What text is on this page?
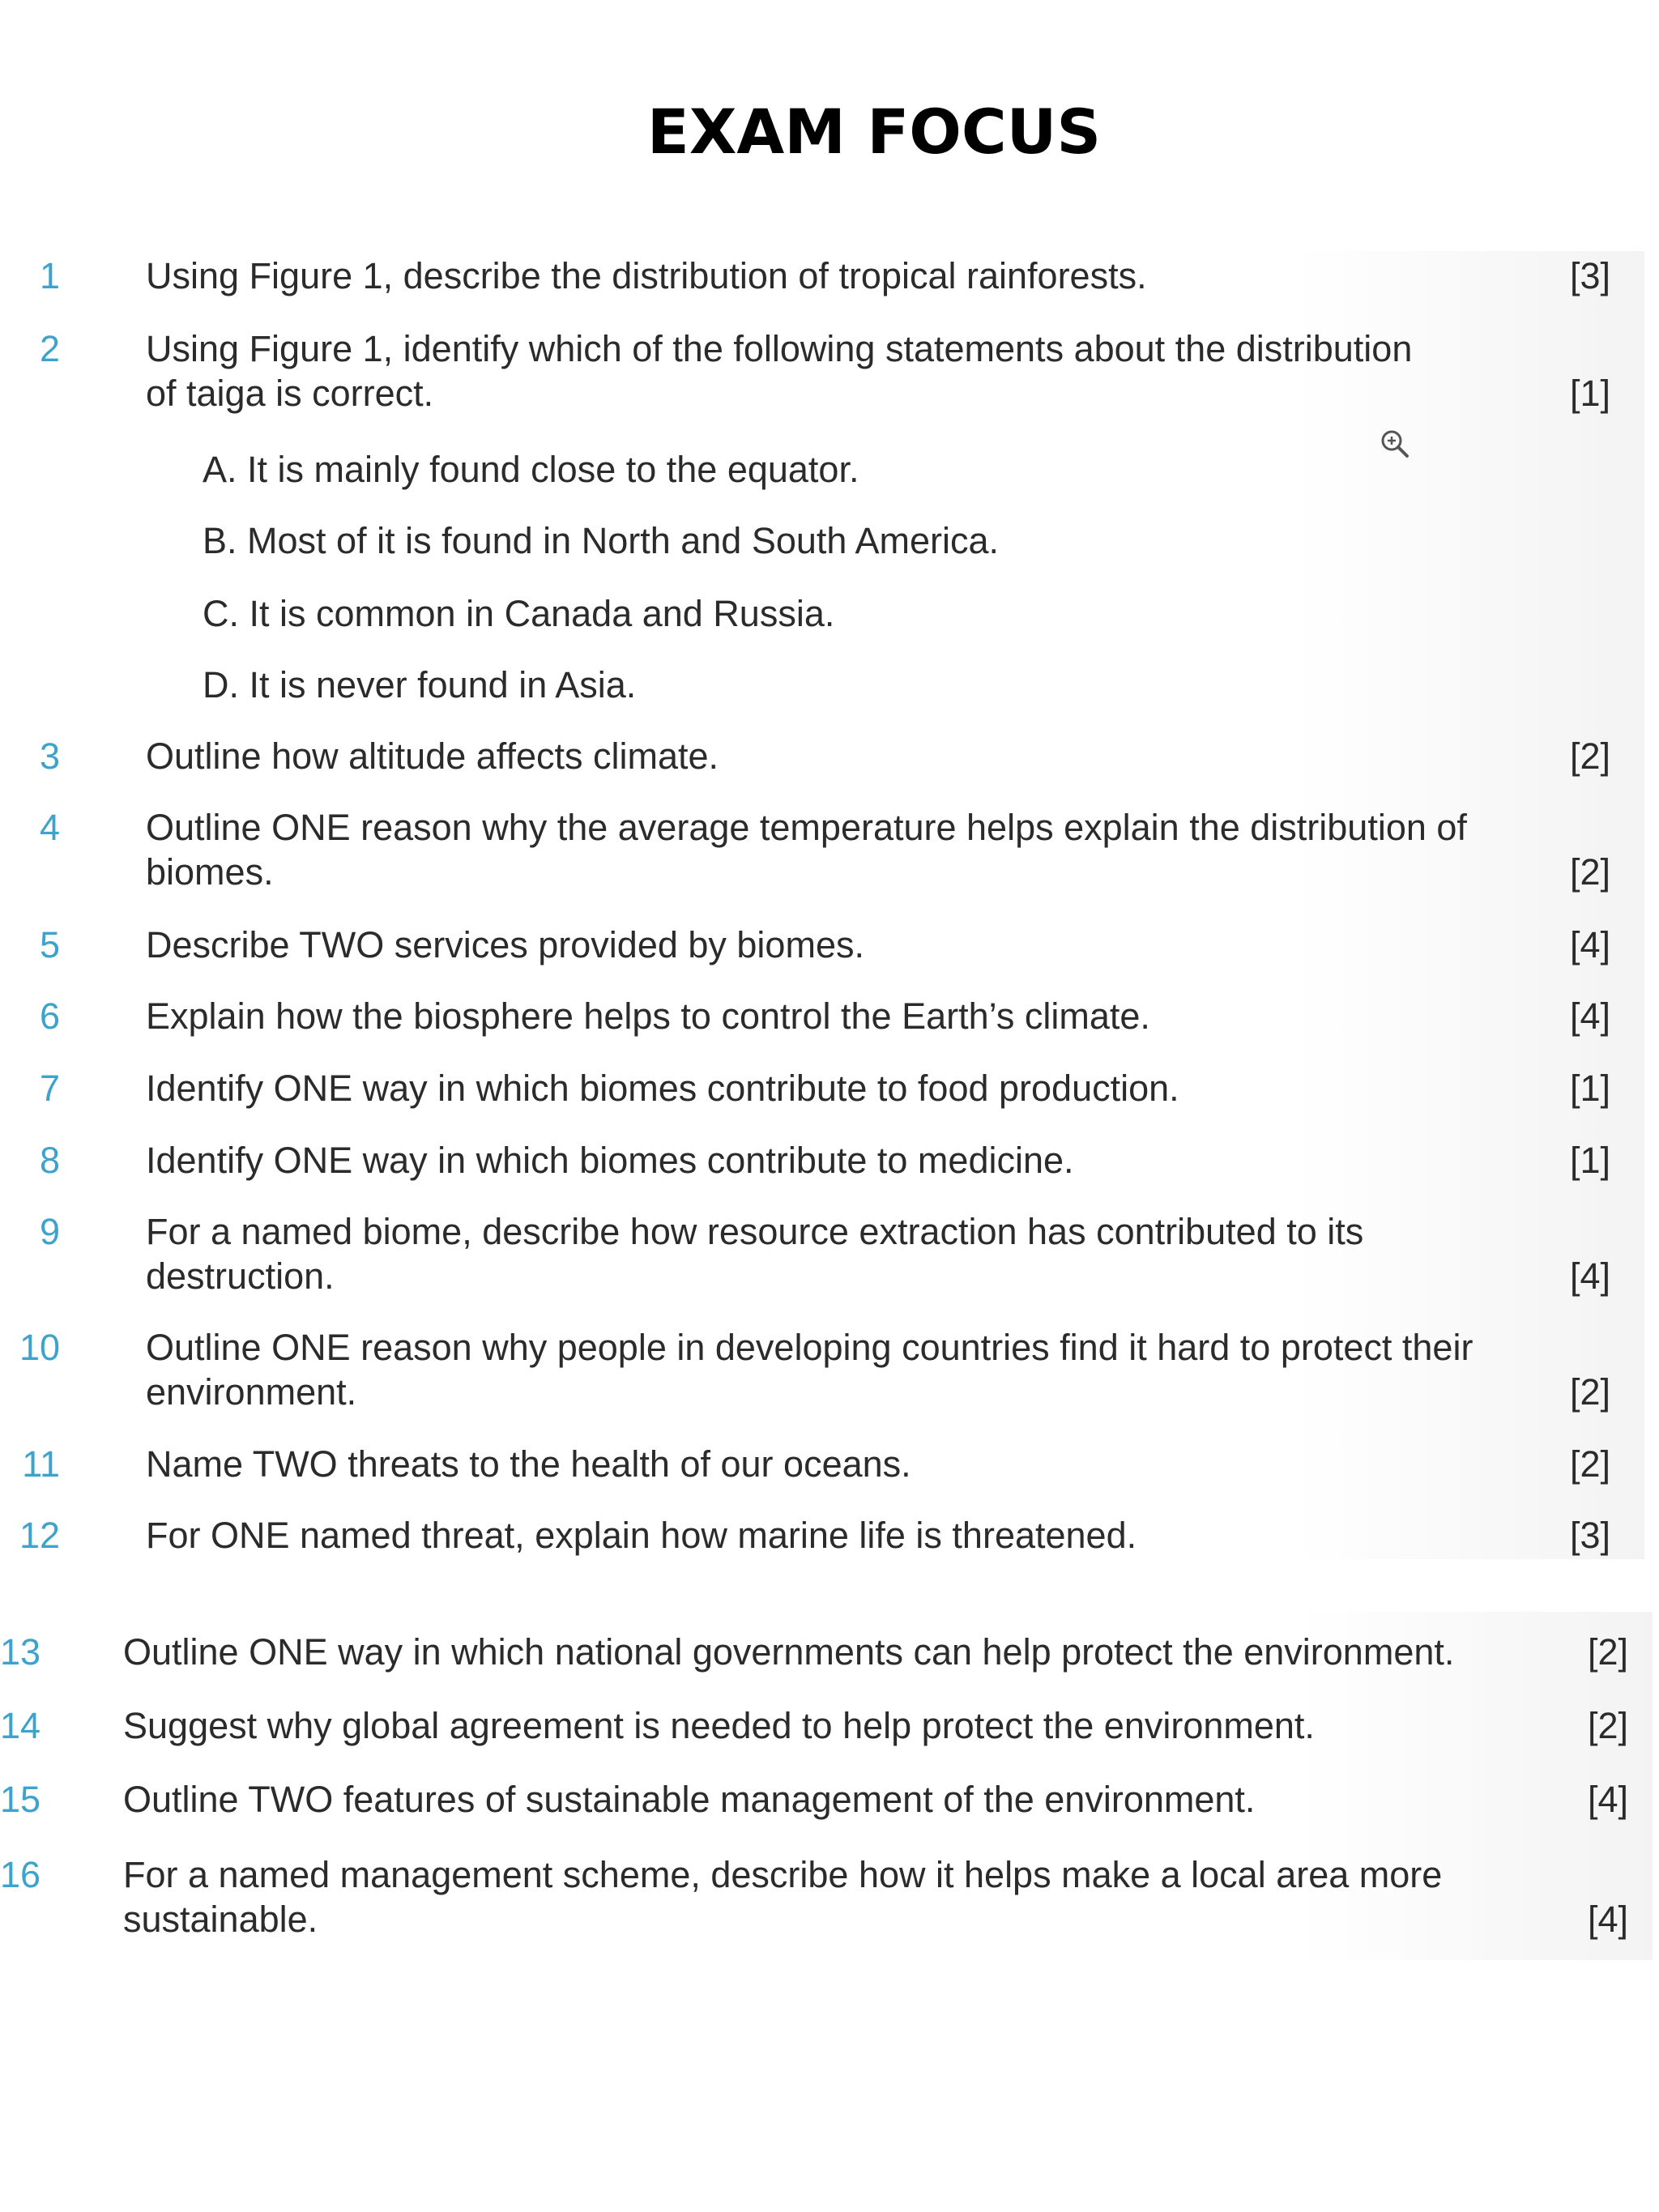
EXAM FOCUS
1 Using Figure 1, describe the distribution of tropical rainforests.	[3]
2 Using Figure 1, identify which of the following statements about the distribution
of taiga is correct.	[1]
A. It is mainly found close to the equator.
B. Most of it is found in North and South America.
C. It is common in Canada and Russia.
D. It is never found in Asia.
3 Outline how altitude affects climate.	[2]
4 Outline ONE reason why the average temperature helps explain the distribution of
biomes.	[2]
5 Describe TWO services provided by biomes.	[4]
6 Explain how the biosphere helps to control the Earth’s climate.	[4]
7 Identify ONE way in which biomes contribute to food production.	[1]
8 Identify ONE way in which biomes contribute to medicine.	[1]
9 For a named biome, describe how resource extraction has contributed to its
destruction.	[4]
10 Outline ONE reason why people in developing countries find it hard to protect their
environment.	[2]
11 Name TWO threats to the health of our oceans.	[2]
12 For ONE named threat, explain how marine life is threatened.	[3]
13 Outline ONE way in which national governments can help protect the environment.	[2]
14 Suggest why global agreement is needed to help protect the environment.	[2]
15 Outline TWO features of sustainable management of the environment.	[4]
16 For a named management scheme, describe how it helps make a local area more
sustainable.	[4]
